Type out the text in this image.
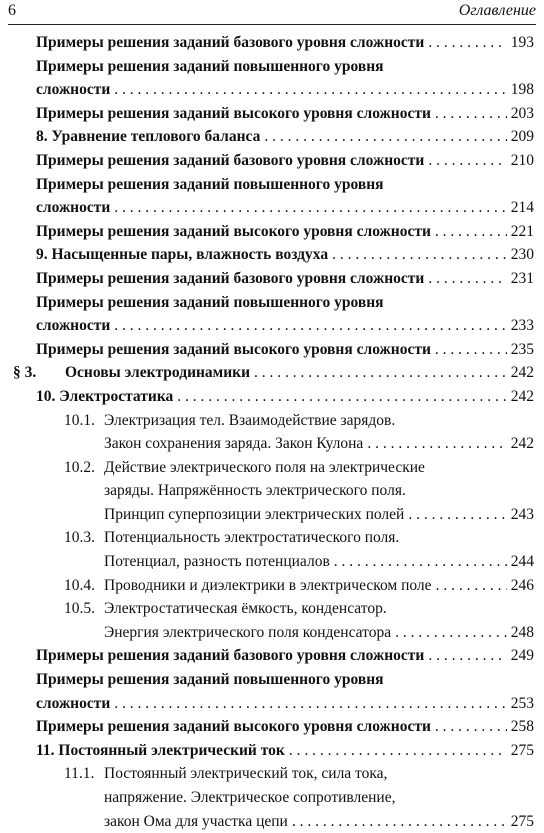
6	Оглавление
Примеры решения заданий базового уровня сложности . . .	193
Примеры решения заданий повышенного уровня
сложности . . .	198
Примеры решения заданий высокого уровня сложности . . .	203
8. Уравнение теплового баланса . . .	209
Примеры решения заданий базового уровня сложности . . .	210
Примеры решения заданий повышенного уровня
сложности . . .	214
Примеры решения заданий высокого уровня сложности . . .	221
9. Насыщенные пары, влажность воздуха . . .	230
Примеры решения заданий базового уровня сложности . . .	231
Примеры решения заданий повышенного уровня
сложности . . .	233
Примеры решения заданий высокого уровня сложности . . .	235
§ 3.	Основы электродинамики . . .	242
10. Электростатика . . .	242
10.1. Электризация тел. Взаимодействие зарядов.
Закон сохранения заряда. Закон Кулона . . .	242
10.2. Действие электрического поля на электрические
заряды. Напряжённость электрического поля.
Принцип суперпозиции электрических полей . . .	243
10.3. Потенциальность электростатического поля.
Потенциал, разность потенциалов . . .	244
10.4. Проводники и диэлектрики в электрическом поле . . .	246
10.5. Электростатическая ёмкость, конденсатор.
Энергия электрического поля конденсатора . . .	248
Примеры решения заданий базового уровня сложности . . .	249
Примеры решения заданий повышенного уровня
сложности . . .	253
Примеры решения заданий высокого уровня сложности . . .	258
11. Постоянный электрический ток . . .	275
11.1. Постоянный электрический ток, сила тока,
напряжение. Электрическое сопротивление,
закон Ома для участка цепи . . .	275
